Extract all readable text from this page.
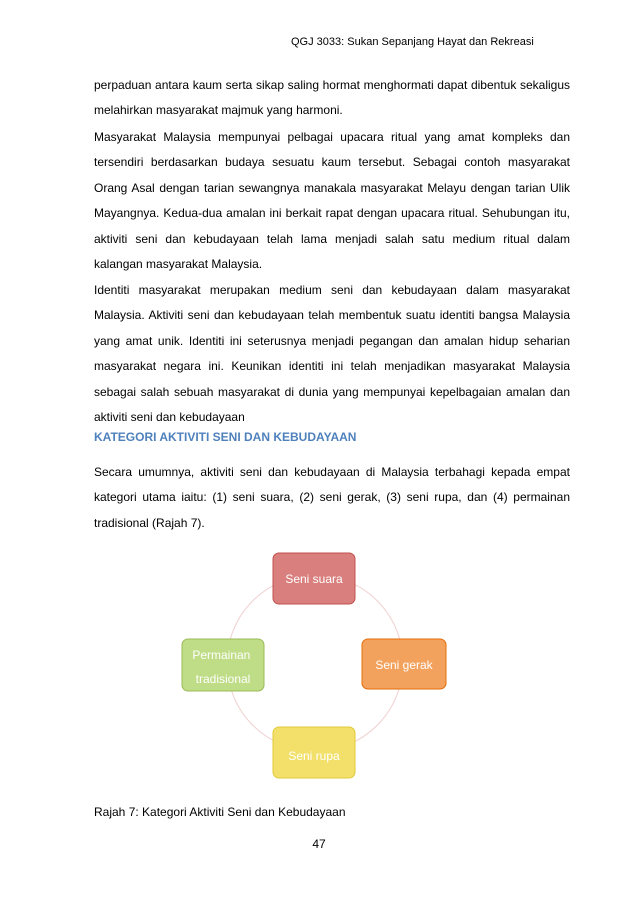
QGJ 3033: Sukan Sepanjang Hayat dan Rekreasi

perpaduan antara kaum serta sikap saling hormat menghormati dapat dibentuk sekaligus melahirkan masyarakat majmuk yang harmoni.

Masyarakat Malaysia mempunyai pelbagai upacara ritual yang amat kompleks dan tersendiri berdasarkan budaya sesuatu kaum tersebut. Sebagai contoh masyarakat Orang Asal dengan tarian sewangnya manakala masyarakat Melayu dengan tarian Ulik Mayangnya. Kedua-dua amalan ini berkait rapat dengan upacara ritual. Sehubungan itu, aktiviti seni dan kebudayaan telah lama menjadi salah satu medium ritual dalam kalangan masyarakat Malaysia.

Identiti masyarakat merupakan medium seni dan kebudayaan dalam masyarakat Malaysia. Aktiviti seni dan kebudayaan telah membentuk suatu identiti bangsa Malaysia yang amat unik. Identiti ini seterusnya menjadi pegangan dan amalan hidup seharian masyarakat negara ini. Keunikan identiti ini telah menjadikan masyarakat Malaysia sebagai salah sebuah masyarakat di dunia yang mempunyai kepelbagaian amalan dan aktiviti seni dan kebudayaan

KATEGORI AKTIVITI SENI DAN KEBUDAYAAN

Secara umumnya, aktiviti seni dan kebudayaan di Malaysia terbahagi kepada empat kategori utama iaitu: (1) seni suara, (2) seni gerak, (3) seni rupa, dan (4) permainan tradisional (Rajah 7).

Seni suara
Seni gerak
Seni rupa
Permainan tradisional
Rajah 7: Kategori Aktiviti Seni dan Kebudayaan
47
